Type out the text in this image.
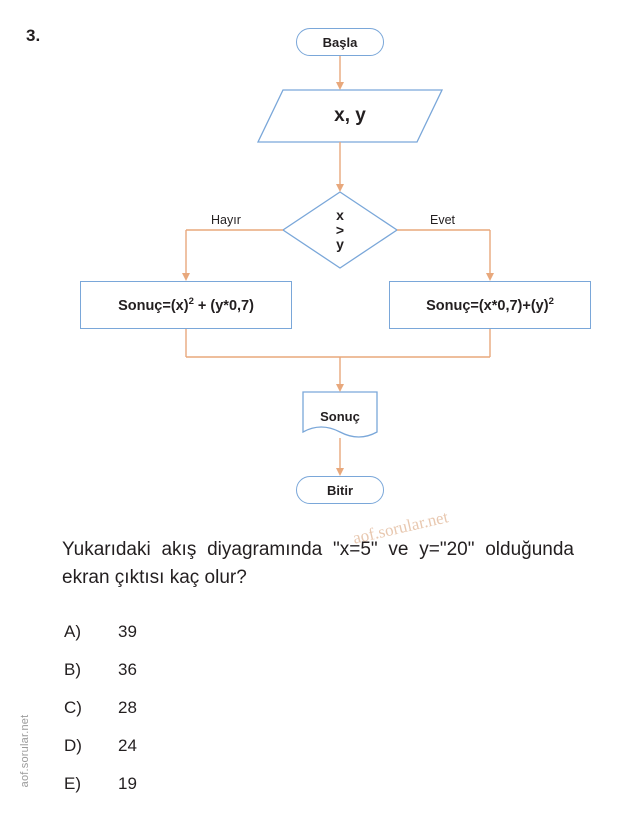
3.	Başla
x, y
x
>
y
Hayır	Evet
$Sonuç=(x)^2 + (y*0,7)$	$Sonuç=(x*0,7)+(y)^2$
Sonuç
Bitir
aof.sorular.net
Yukarıdaki akış diyagramında "x=5" ve y="20" olduğunda ekran çıktısı kaç olur?
A)	39
B)	36
C)	28
D)	24
E)	19
aof.sorular.net
